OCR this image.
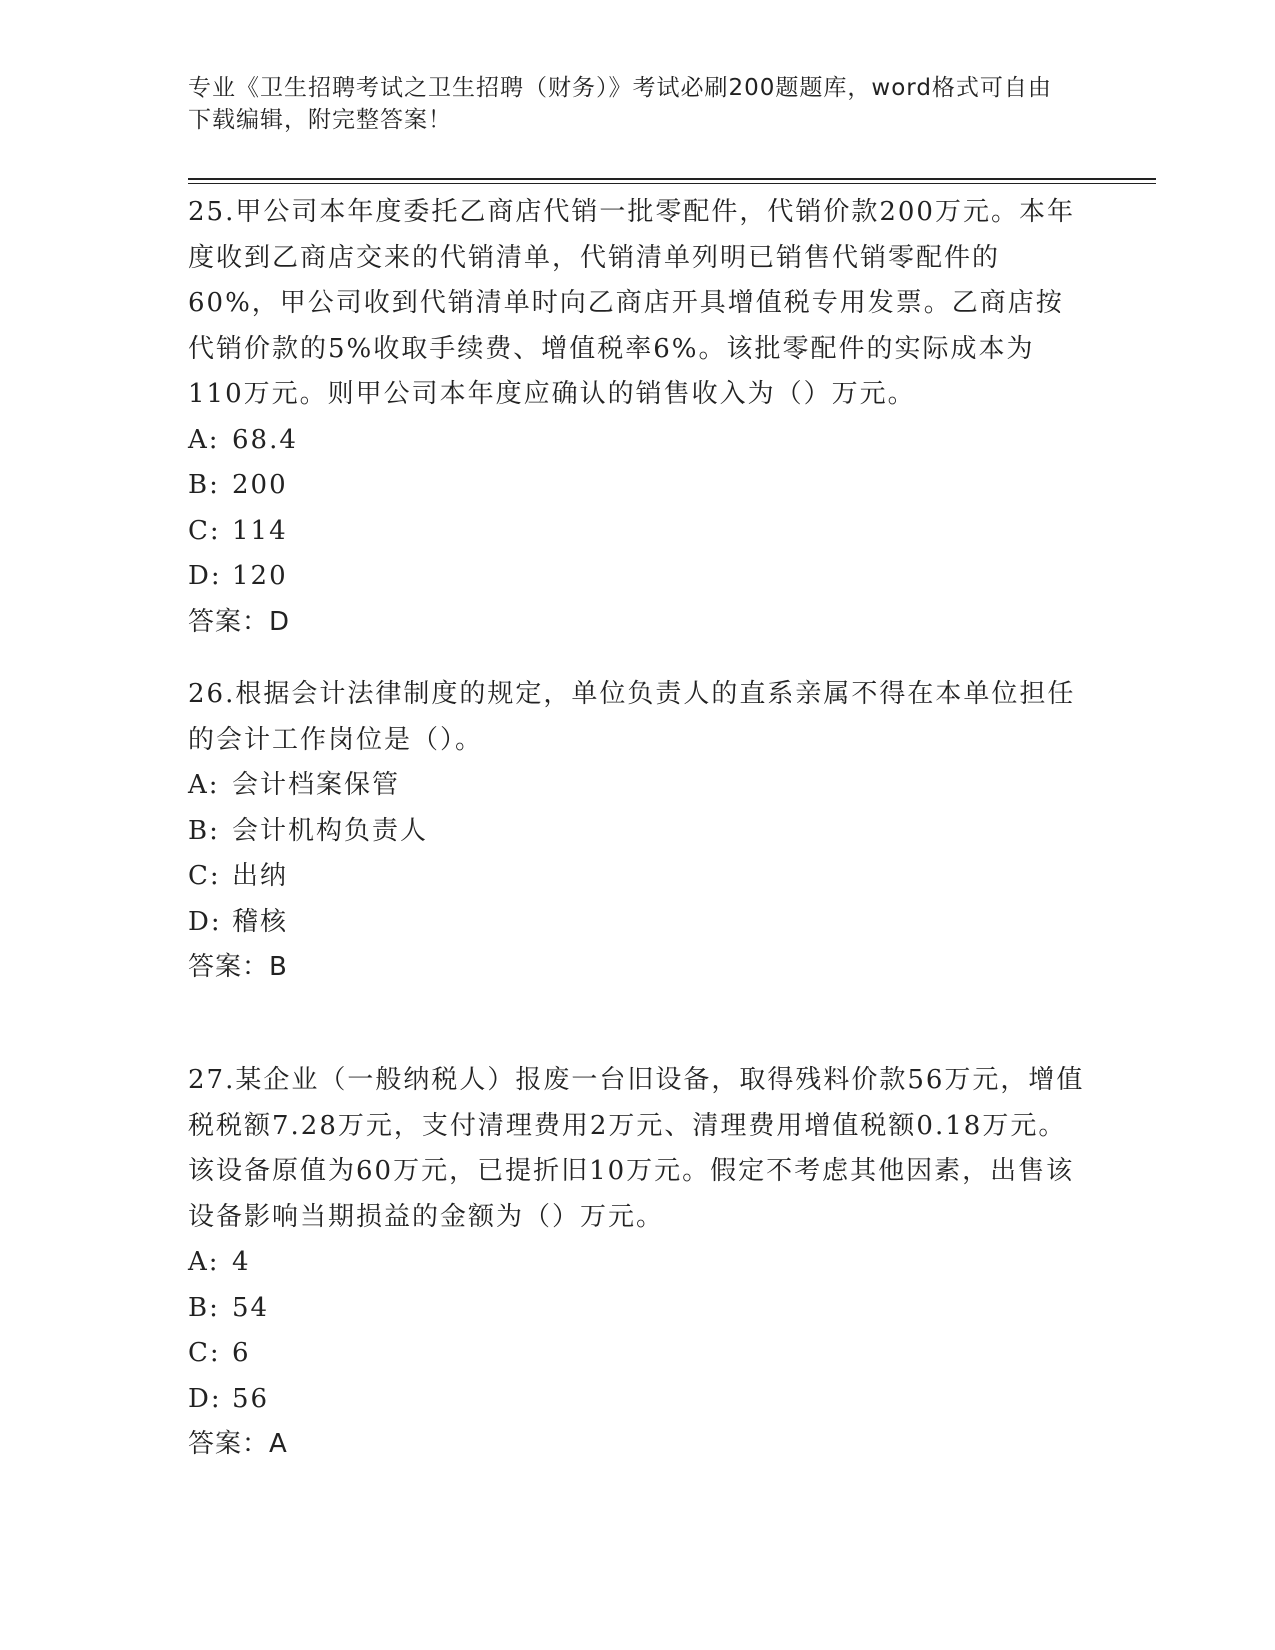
专业《卫生招聘考试之卫生招聘（财务）》考试必刷200题题库，word格式可自由下载编辑，附完整答案！

25.甲公司本年度委托乙商店代销一批零配件，代销价款200万元。本年度收到乙商店交来的代销清单，代销清单列明已销售代销零配件的60%，甲公司收到代销清单时向乙商店开具增值税专用发票。乙商店按代销价款的5%收取手续费、增值税率6%。该批零配件的实际成本为110万元。则甲公司本年度应确认的销售收入为（）万元。

A: 68.4
B: 200
C: 114
D: 120
答案：D

26.根据会计法律制度的规定，单位负责人的直系亲属不得在本单位担任的会计工作岗位是（）。

A: 会计档案保管
B: 会计机构负责人
C: 出纳
D: 稽核
答案：B

27.某企业（一般纳税人）报废一台旧设备，取得残料价款56万元，增值税税额7.28万元，支付清理费用2万元、清理费用增值税额0.18万元。该设备原值为60万元，已提折旧10万元。假定不考虑其他因素，出售该设备影响当期损益的金额为（）万元。

A: 4
B: 54
C: 6
D: 56
答案：A
